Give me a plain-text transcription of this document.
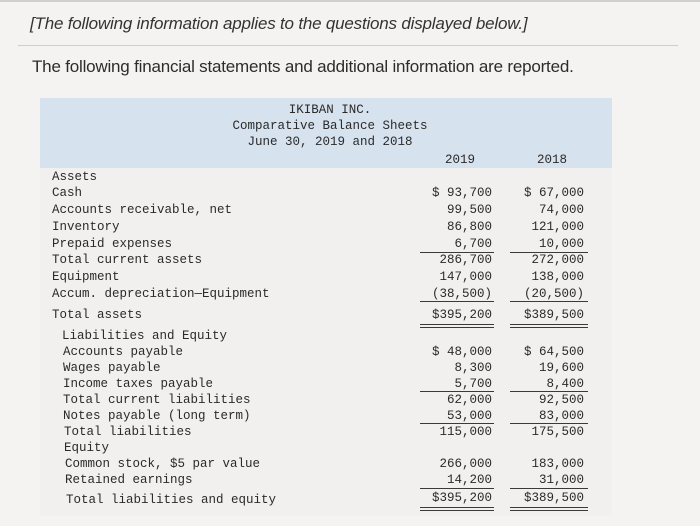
[The following information applies to the questions displayed below.]
The following financial statements and additional information are reported.
IKIBAN INC.
Comparative Balance Sheets
June 30, 2019 and 2018
2019	2018
Assets
Cash
Accounts receivable, net
Inventory
Prepaid expenses
Total current assets
Equipment
Accum. depreciation—Equipment
Total assets
Liabilities and Equity
Accounts payable
Wages payable
Income taxes payable
Total current liabilities
Notes payable (long term)
Total liabilities
Equity
Common stock, $5 par value
Retained earnings
Total liabilities and equity
$ 93,700
99,500
86,800
6,700
286,700
147,000
(38,500)
$395,200
$ 48,000
8,300
5,700
62,000
53,000
115,000
266,000
14,200
$395,200
$ 67,000
74,000
121,000
10,000
272,000
138,000
(20,500)
$389,500
$ 64,500
19,600
8,400
92,500
83,000
175,500
183,000
31,000
$389,500
